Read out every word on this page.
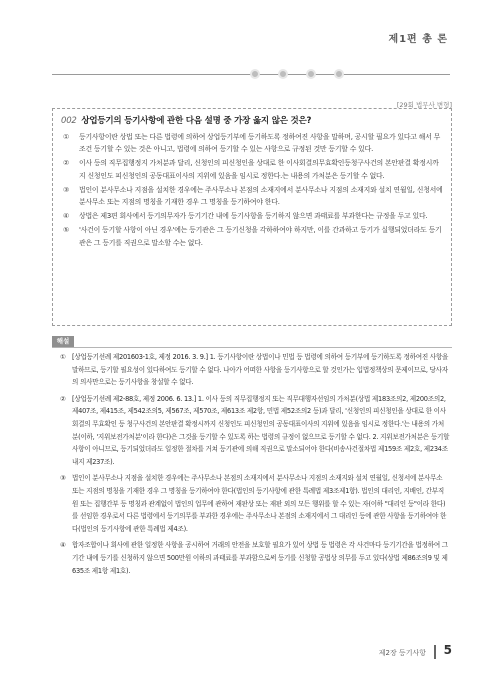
제1편 총 론
[29회 법무사 변형]
002 상업등기의 등기사항에 관한 다음 설명 중 가장 옳지 않은 것은?
①	등기사항이란 상법 또는 다른 법령에 의하여 상업등기부에 등기하도록 정하여진 사항을 말하며, 공시할 필요가 있다고 해서 무조건 등기할 수 있는 것은 아니고, 법령에 의하여 등기할 수 있는 사항으로 규정된 것만 등기할 수 있다.
②	이사 등의 직무집행정지 가처분과 달리, 신청인의 피신청인을 상대로 한 이사회결의무효확인등청구사건의 본안판결 확정시까지 신청인도 피신청인의 공동대표이사의 지위에 있음을 임시로 정한다.는 내용의 가처분은 등기할 수 없다.
③	법인이 분사무소나 지점을 설치한 경우에는 주사무소나 본점의 소재지에서 분사무소나 지점의 소재지와 설치 연월일, 신청서에 분사무소 또는 지점의 명칭을 기재한 경우 그 명칭을 등기하여야 한다.
④	상법은 제3편 회사에서 등기의무자가 등기기간 내에 등기사항을 등기하지 않으면 과태료를 부과한다는 규정을 두고 있다.
⑤	'사건이 등기할 사항이 아닌 경우'에는 등기관은 그 등기신청을 각하하여야 하지만, 이를 간과하고 등기가 실행되었더라도 등기관은 그 등기를 직권으로 말소할 수는 없다.
해설
① [상업등기선례 제201603-1호, 제정 2016. 3. 9.] 1. 등기사항이란 상법이나 민법 등 법령에 의하여 등기부에 등기하도록 정하여진 사항을 말하므로, 등기할 필요성이 있다하여도 등기할 수 없다. 나아가 어떠한 사항을 등기사항으로 할 것인가는 입법정책상의 문제이므로, 당사자의 의사만으로는 등기사항을 창설할 수 없다.
② [상업등기선례 제2-88호, 제정 2006. 6. 13.] 1. 이사 등의 직무집행정지 또는 직무대행자선임의 가처분(상법 제183조의2, 제200조의2, 제407조, 제415조, 제542조의5, 제567조, 제570조, 제613조 제2항, 민법 제52조의2 등)과 달리, '신청인의 피신청인을 상대로 한 이사회결의 무효확인 등 청구사건의 본안판결 확정시까지 신청인도 피신청인의 공동대표이사의 지위에 있음을 임시로 정한다.'는 내용의 가처분(이하, '지위보전가처분'이라 한다)은 그것을 등기할 수 있도록 하는 법령의 규정이 없으므로 등기할 수 없다. 2. 지위보전가처분은 등기할 사항이 아니므로, 등기되었더라도 일정한 절차를 거쳐 등기관에 의해 직권으로 말소되어야 한다(비송사건절차법 제159조 제2호, 제234조 내지 제237조).
③ 법인이 분사무소나 지점을 설치한 경우에는 주사무소나 본점의 소재지에서 분사무소나 지점의 소재지와 설치 연월일, 신청서에 분사무소 또는 지점의 명칭을 기재한 경우 그 명칭을 등기하여야 한다(법인의 등기사항에 관한 특례법 제3조제1항). 법인의 대리인, 지배인, 간부직원 또는 집행간부 등 명칭과 관계없이 법인의 업무에 관하여 재판상 또는 재판 외의 모든 행위를 할 수 있는 자(이하 "대리인 등"이라 한다)를 선임한 경우로서 다른 법령에서 등기의무를 부과한 경우에는 주사무소나 본점의 소재지에서 그 대리인 등에 관한 사항을 등기하여야 한다(법인의 등기사항에 관한 특례법 제4조).
④ 합자조합이나 회사에 관한 일정한 사항을 공시하여 거래의 안전을 보호할 필요가 있어 상법 등 법령은 각 사건마다 등기기간을 법정하여 그 기간 내에 등기를 신청하지 않으면 500만원 이하의 과태료를 부과함으로써 등기를 신청할 공법상 의무를 두고 있다(상법 제86조의9 및 제635조 제1항 제1호).
제2장 등기사항 5
